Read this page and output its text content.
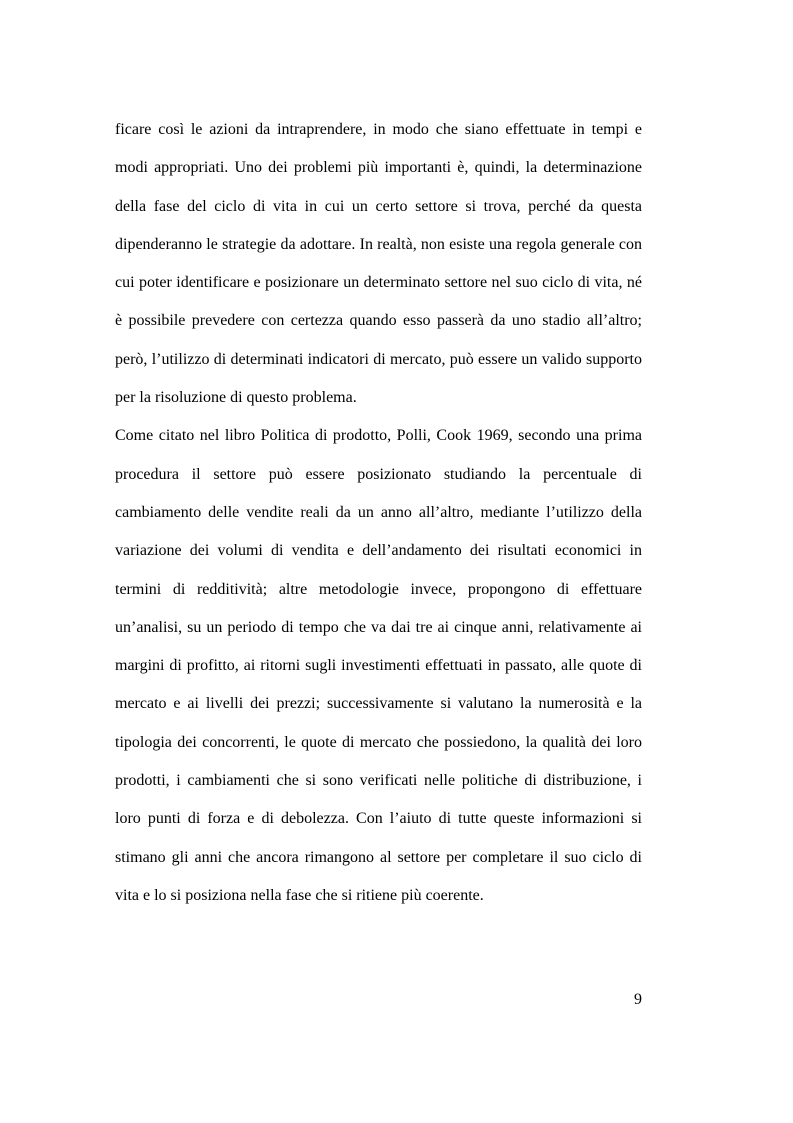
ficare così le azioni da intraprendere, in modo che siano effettuate in tempi e modi appropriati. Uno dei problemi più importanti è, quindi, la determinazione della fase del ciclo di vita in cui un certo settore si trova, perché da questa dipenderanno le strategie da adottare. In realtà, non esiste una regola generale con cui poter identificare e posizionare un determinato settore nel suo ciclo di vita, né è possibile prevedere con certezza quando esso passerà da uno stadio all’altro; però, l’utilizzo di determinati indicatori di mercato, può essere un valido supporto per la risoluzione di questo problema.

Come citato nel libro Politica di prodotto, Polli, Cook 1969, secondo una prima procedura il settore può essere posizionato studiando la percentuale di cambiamento delle vendite reali da un anno all’altro, mediante l’utilizzo della variazione dei volumi di vendita e dell’andamento dei risultati economici in termini di redditività; altre metodologie invece, propongono di effettuare un’analisi, su un periodo di tempo che va dai tre ai cinque anni, relativamente ai margini di profitto, ai ritorni sugli investimenti effettuati in passato, alle quote di mercato e ai livelli dei prezzi; successivamente si valutano la numerosità e la tipologia dei concorrenti, le quote di mercato che possiedono, la qualità dei loro prodotti, i cambiamenti che si sono verificati nelle politiche di distribuzione, i loro punti di forza e di debolezza. Con l’aiuto di tutte queste informazioni si stimano gli anni che ancora rimangono al settore per completare il suo ciclo di vita e lo si posiziona nella fase che si ritiene più coerente.

9
